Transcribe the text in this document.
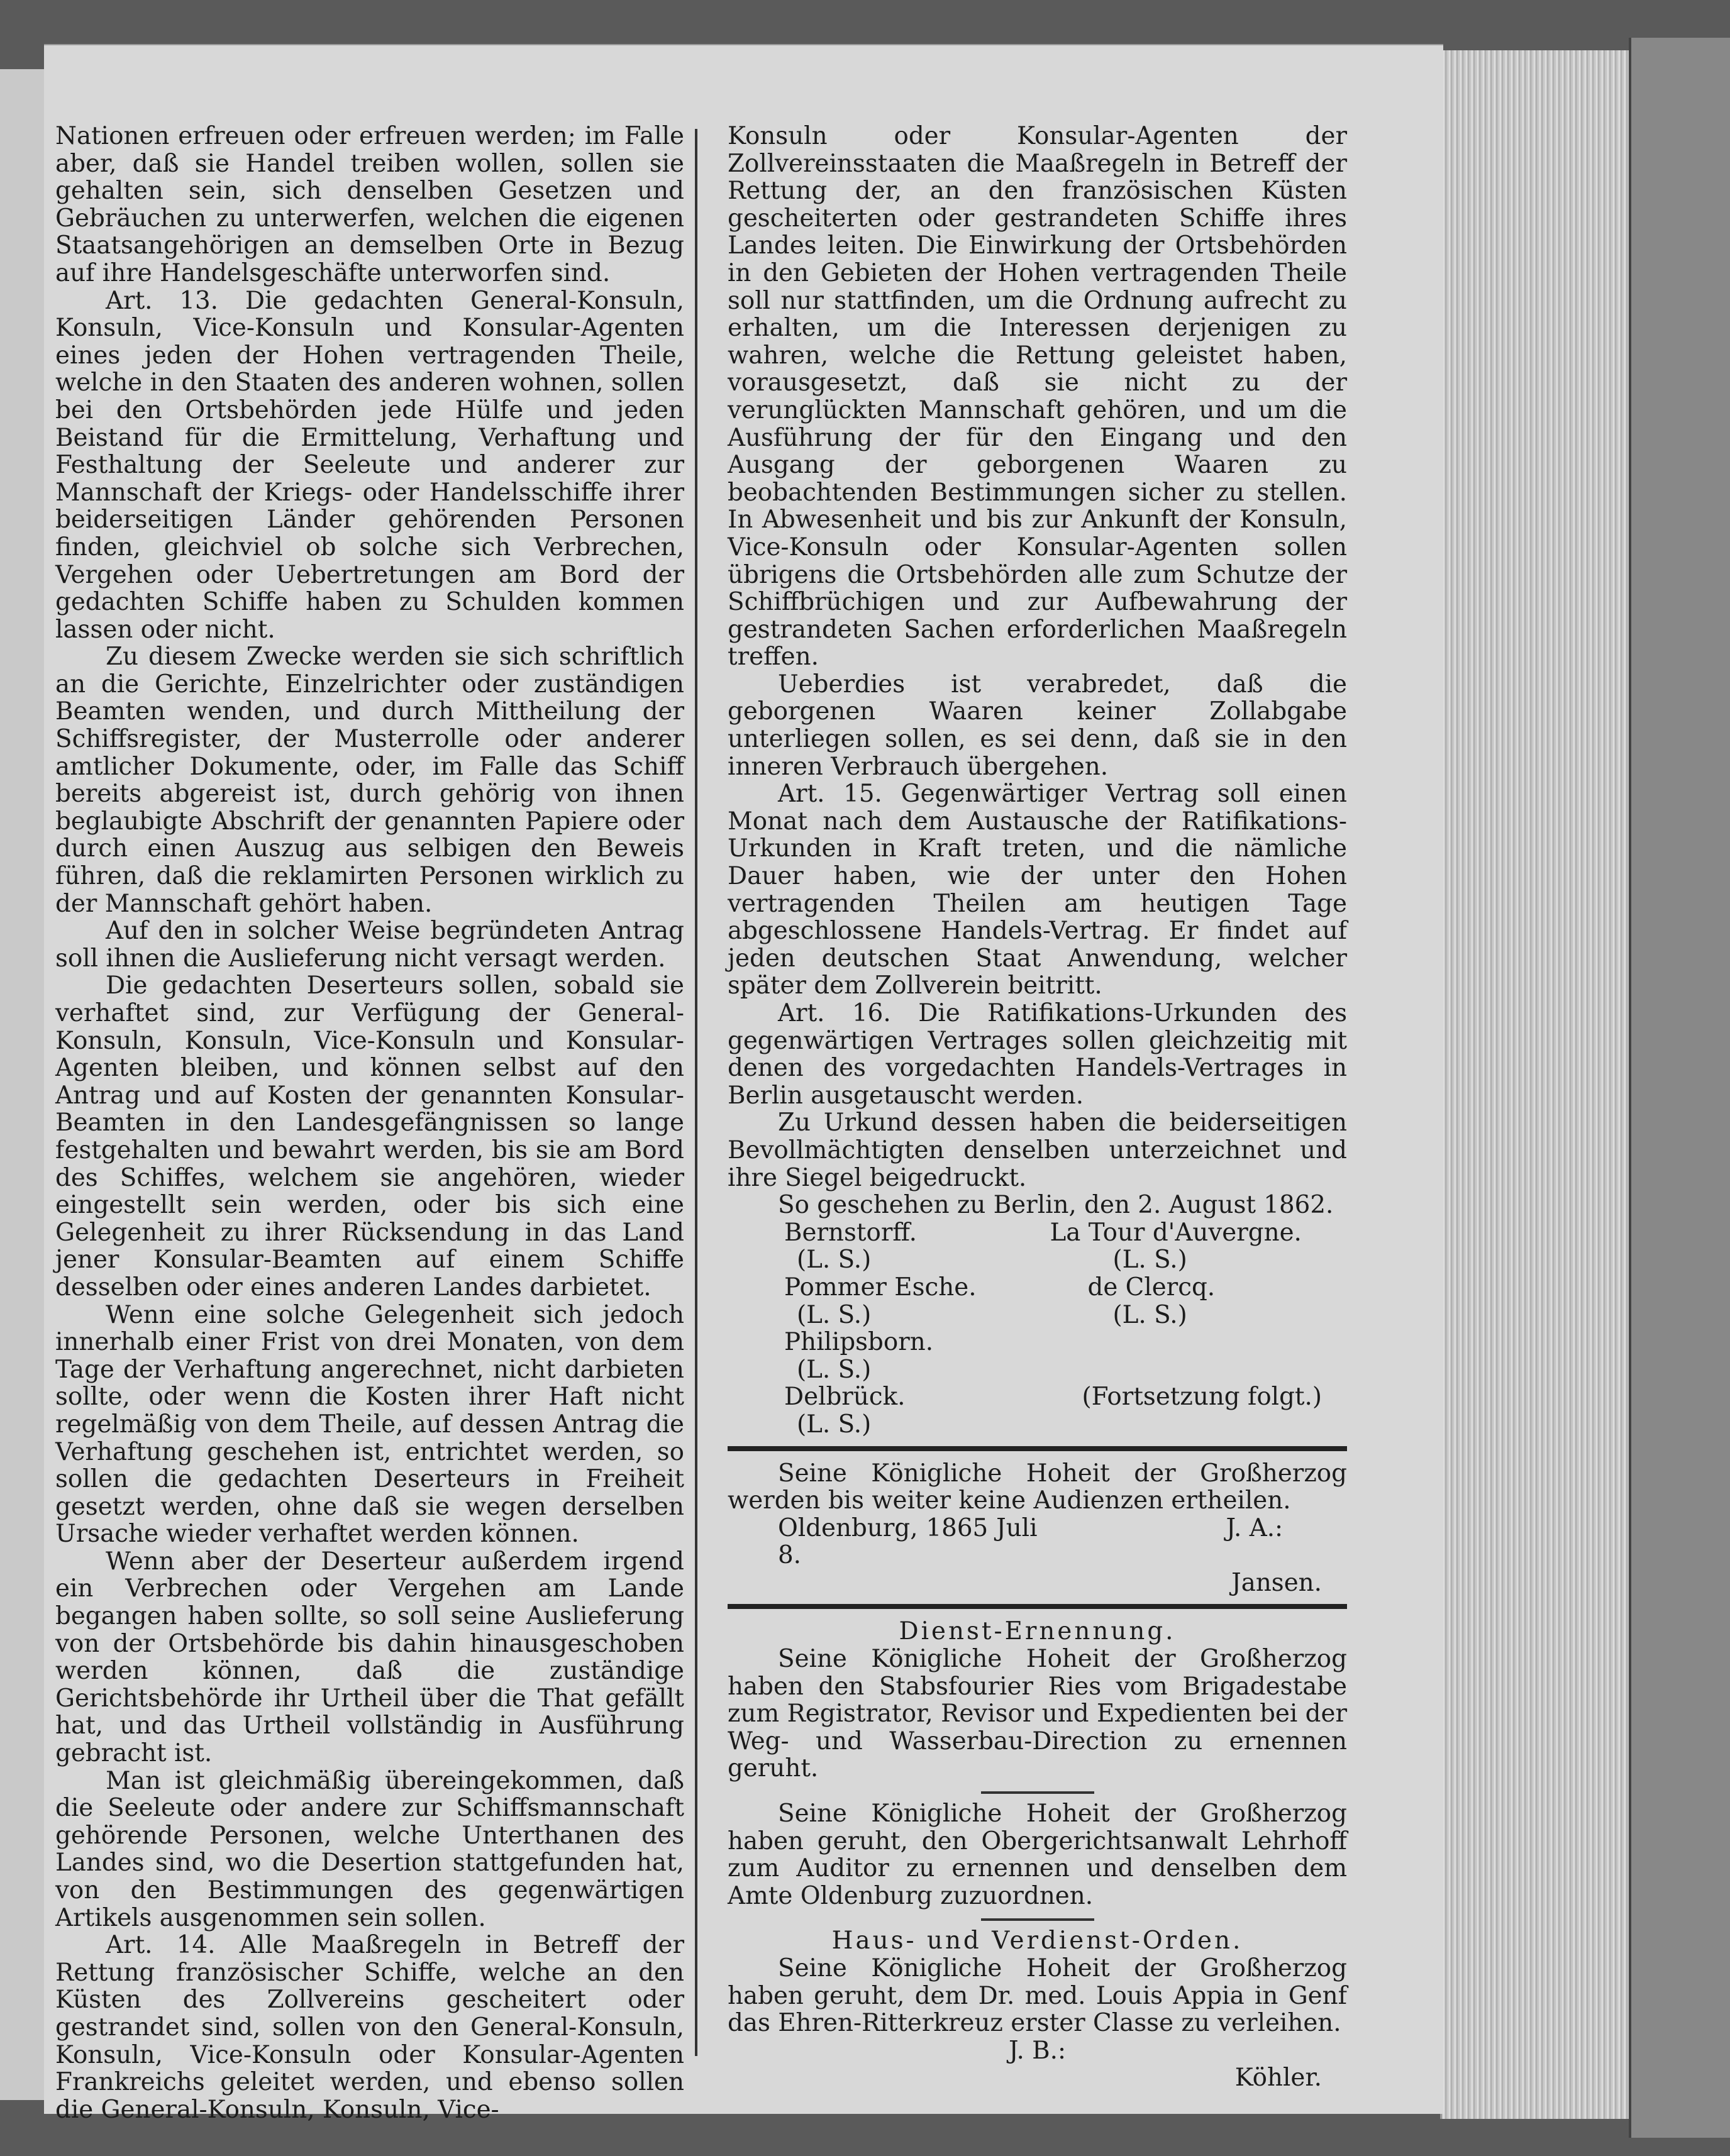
Nationen erfreuen oder erfreuen werden; im Falle aber, daß sie Handel treiben wollen, sollen sie gehalten sein, sich denselben Gesetzen und Gebräuchen zu unterwerfen, welchen die eigenen Staatsangehörigen an demselben Orte in Bezug auf ihre Handelsgeschäfte unterworfen sind.

Art. 13. Die gedachten General-Konsuln, Konsuln, Vice-Konsuln und Konsular-Agenten eines jeden der Hohen vertragenden Theile, welche in den Staaten des anderen wohnen, sollen bei den Ortsbehörden jede Hülfe und jeden Beistand für die Ermittelung, Verhaftung und Festhaltung der Seeleute und anderer zur Mannschaft der Kriegs- oder Handelsschiffe ihrer beiderseitigen Länder gehörenden Personen finden, gleichviel ob solche sich Verbrechen, Vergehen oder Uebertretungen am Bord der gedachten Schiffe haben zu Schulden kommen lassen oder nicht.

Zu diesem Zwecke werden sie sich schriftlich an die Gerichte, Einzelrichter oder zuständigen Beamten wenden, und durch Mittheilung der Schiffsregister, der Musterrolle oder anderer amtlicher Dokumente, oder, im Falle das Schiff bereits abgereist ist, durch gehörig von ihnen beglaubigte Abschrift der genannten Papiere oder durch einen Auszug aus selbigen den Beweis führen, daß die reklamirten Personen wirklich zu der Mannschaft gehört haben.

Auf den in solcher Weise begründeten Antrag soll ihnen die Auslieferung nicht versagt werden.

Die gedachten Deserteurs sollen, sobald sie verhaftet sind, zur Verfügung der General-Konsuln, Konsuln, Vice-Konsuln und Konsular-Agenten bleiben, und können selbst auf den Antrag und auf Kosten der genannten Konsular-Beamten in den Landesgefängnissen so lange festgehalten und bewahrt werden, bis sie am Bord des Schiffes, welchem sie angehören, wieder eingestellt sein werden, oder bis sich eine Gelegenheit zu ihrer Rücksendung in das Land jener Konsular-Beamten auf einem Schiffe desselben oder eines anderen Landes darbietet.

Wenn eine solche Gelegenheit sich jedoch innerhalb einer Frist von drei Monaten, von dem Tage der Verhaftung angerechnet, nicht darbieten sollte, oder wenn die Kosten ihrer Haft nicht regelmäßig von dem Theile, auf dessen Antrag die Verhaftung geschehen ist, entrichtet werden, so sollen die gedachten Deserteurs in Freiheit gesetzt werden, ohne daß sie wegen derselben Ursache wieder verhaftet werden können.

Wenn aber der Deserteur außerdem irgend ein Verbrechen oder Vergehen am Lande begangen haben sollte, so soll seine Auslieferung von der Ortsbehörde bis dahin hinausgeschoben werden können, daß die zuständige Gerichtsbehörde ihr Urtheil über die That gefällt hat, und das Urtheil vollständig in Ausführung gebracht ist.

Man ist gleichmäßig übereingekommen, daß die Seeleute oder andere zur Schiffsmannschaft gehörende Personen, welche Unterthanen des Landes sind, wo die Desertion stattgefunden hat, von den Bestimmungen des gegenwärtigen Artikels ausgenommen sein sollen.

Art. 14. Alle Maaßregeln in Betreff der Rettung französischer Schiffe, welche an den Küsten des Zollvereins gescheitert oder gestrandet sind, sollen von den General-Konsuln, Konsuln, Vice-Konsuln oder Konsular-Agenten Frankreichs geleitet werden, und ebenso sollen die General-Konsuln, Konsuln, Vice-

Konsuln oder Konsular-Agenten der Zollvereinsstaaten die Maaßregeln in Betreff der Rettung der, an den französischen Küsten gescheiterten oder gestrandeten Schiffe ihres Landes leiten. Die Einwirkung der Ortsbehörden in den Gebieten der Hohen vertragenden Theile soll nur stattfinden, um die Ordnung aufrecht zu erhalten, um die Interessen derjenigen zu wahren, welche die Rettung geleistet haben, vorausgesetzt, daß sie nicht zu der verunglückten Mannschaft gehören, und um die Ausführung der für den Eingang und den Ausgang der geborgenen Waaren zu beobachtenden Bestimmungen sicher zu stellen. In Abwesenheit und bis zur Ankunft der Konsuln, Vice-Konsuln oder Konsular-Agenten sollen übrigens die Ortsbehörden alle zum Schutze der Schiffbrüchigen und zur Aufbewahrung der gestrandeten Sachen erforderlichen Maaßregeln treffen.

Ueberdies ist verabredet, daß die geborgenen Waaren keiner Zollabgabe unterliegen sollen, es sei denn, daß sie in den inneren Verbrauch übergehen.

Art. 15. Gegenwärtiger Vertrag soll einen Monat nach dem Austausche der Ratifikations-Urkunden in Kraft treten, und die nämliche Dauer haben, wie der unter den Hohen vertragenden Theilen am heutigen Tage abgeschlossene Handels-Vertrag. Er findet auf jeden deutschen Staat Anwendung, welcher später dem Zollverein beitritt.

Art. 16. Die Ratifikations-Urkunden des gegenwärtigen Vertrages sollen gleichzeitig mit denen des vorgedachten Handels-Vertrages in Berlin ausgetauscht werden.

Zu Urkund dessen haben die beiderseitigen Bevollmächtigten denselben unterzeichnet und ihre Siegel beigedruckt.

So geschehen zu Berlin, den 2. August 1862.

Bernstorff.
(L. S.)
Pommer Esche.
(L. S.)
Philipsborn.
(L. S.)
Delbrück.
(L. S.)
La Tour d'Auvergne.
(L. S.)
de Clercq.
(L. S.)
(Fortsetzung folgt.)

Seine Königliche Hoheit der Großherzog werden bis weiter keine Audienzen ertheilen.

Oldenburg, 1865 Juli 8.
J. A.:

Jansen.

Dienst-Ernennung.

Seine Königliche Hoheit der Großherzog haben den Stabsfourier Ries vom Brigadestabe zum Registrator, Revisor und Expedienten bei der Weg- und Wasserbau-Direction zu ernennen geruht.

Seine Königliche Hoheit der Großherzog haben geruht, den Obergerichtsanwalt Lehrhoff zum Auditor zu ernennen und denselben dem Amte Oldenburg zuzuordnen.

Haus- und Verdienst-Orden.

Seine Königliche Hoheit der Großherzog haben geruht, dem Dr. med. Louis Appia in Genf das Ehren-Ritterkreuz erster Classe zu verleihen.

J. B.:

Köhler.
